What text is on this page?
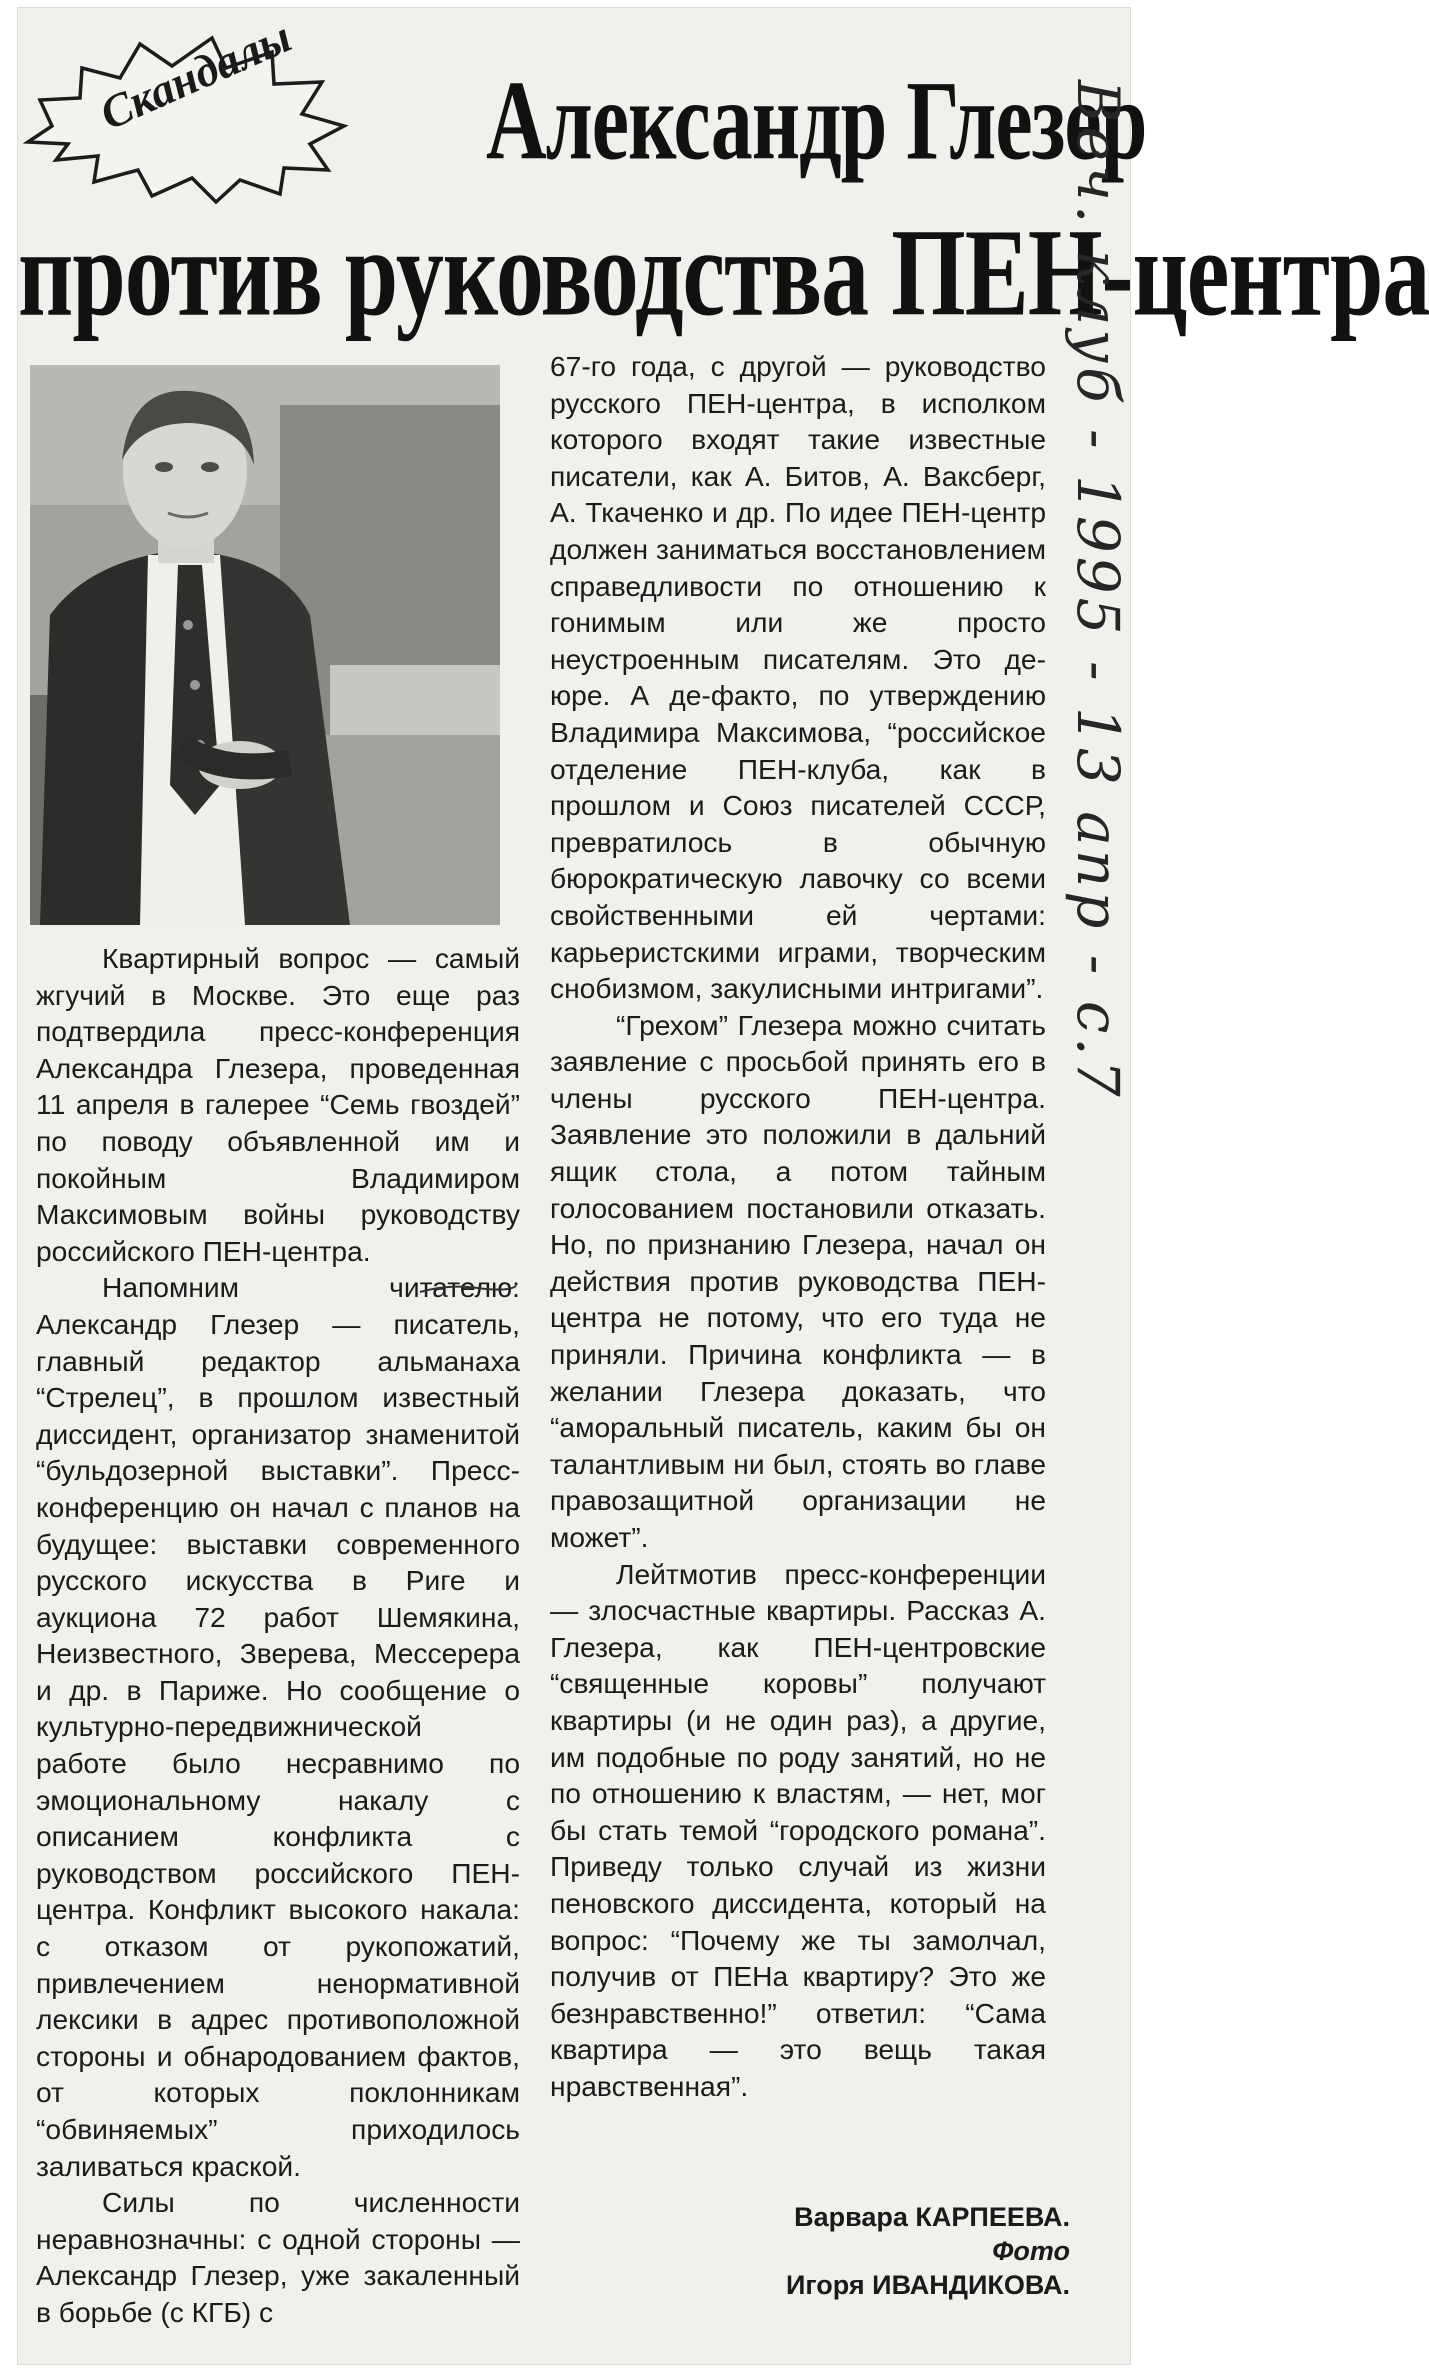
Скандалы Александр Глезер
против руководства ПЕН-центра

Квартирный вопрос — самый жгучий в Москве. Это еще раз подтвердила пресс-конференция Александра Глезера, проведенная 11 апреля в галерее “Семь гвоздей” по поводу объявленной им и покойным Владимиром Максимовым войны руководству российского ПЕН-центра.

Напомним читателю: Александр Глезер — писатель, главный редактор альманаха “Стрелец”, в прошлом известный диссидент, организатор знаменитой “бульдозерной выставки”. Пресс-конференцию он начал с планов на будущее: выставки современного русского искусства в Риге и аукциона 72 работ Шемякина, Неизвестного, Зверева, Мессерера и др. в Париже. Но сообщение о культурно-передвижнической работе было несравнимо по эмоциональному накалу с описанием конфликта с руководством российского ПЕН-центра. Конфликт высокого накала: с отказом от рукопожатий, привлечением ненормативной лексики в адрес противоположной стороны и обнародованием фактов, от которых поклонникам “обвиняемых” приходилось заливаться краской.

Силы по численности неравнозначны: с одной стороны — Александр Глезер, уже закаленный в борьбе (с КГБ) с

67-го года, с другой — руководство русского ПЕН-центра, в исполком которого входят такие известные писатели, как А. Битов, А. Ваксберг, А. Ткаченко и др. По идее ПЕН-центр должен заниматься восстановлением справедливости по отношению к гонимым или же просто неустроенным писателям. Это де-юре. А де-факто, по утверждению Владимира Максимова, “российское отделение ПЕН-клуба, как в прошлом и Союз писателей СССР, превратилось в обычную бюрократическую лавочку со всеми свойственными ей чертами: карьеристскими играми, творческим снобизмом, закулисными интригами”.

“Грехом” Глезера можно считать заявление с просьбой принять его в члены русского ПЕН-центра. Заявление это положили в дальний ящик стола, а потом тайным голосованием постановили отказать. Но, по признанию Глезера, начал он действия против руководства ПЕН-центра не потому, что его туда не приняли. Причина конфликта — в желании Глезера доказать, что “аморальный писатель, каким бы он талантливым ни был, стоять во главе правозащитной организации не может”.

Лейтмотив пресс-конференции — злосчастные квартиры. Рассказ А. Глезера, как ПЕН-центровские “священные коровы” получают квартиры (и не один раз), а другие, им подобные по роду занятий, но не по отношению к властям, — нет, мог бы стать темой “городского романа”. Приведу только случай из жизни пеновского диссидента, который на вопрос: “Почему же ты замолчал, получив от ПЕНа квартиру? Это же безнравственно!” ответил: “Сама квартира — это вещь такая нравственная”.

Варвара КАРПЕЕВА.
Фото
Игоря ИВАНДИКОВА.
Веч. клуб - 1995 - 13 апр - с.7
